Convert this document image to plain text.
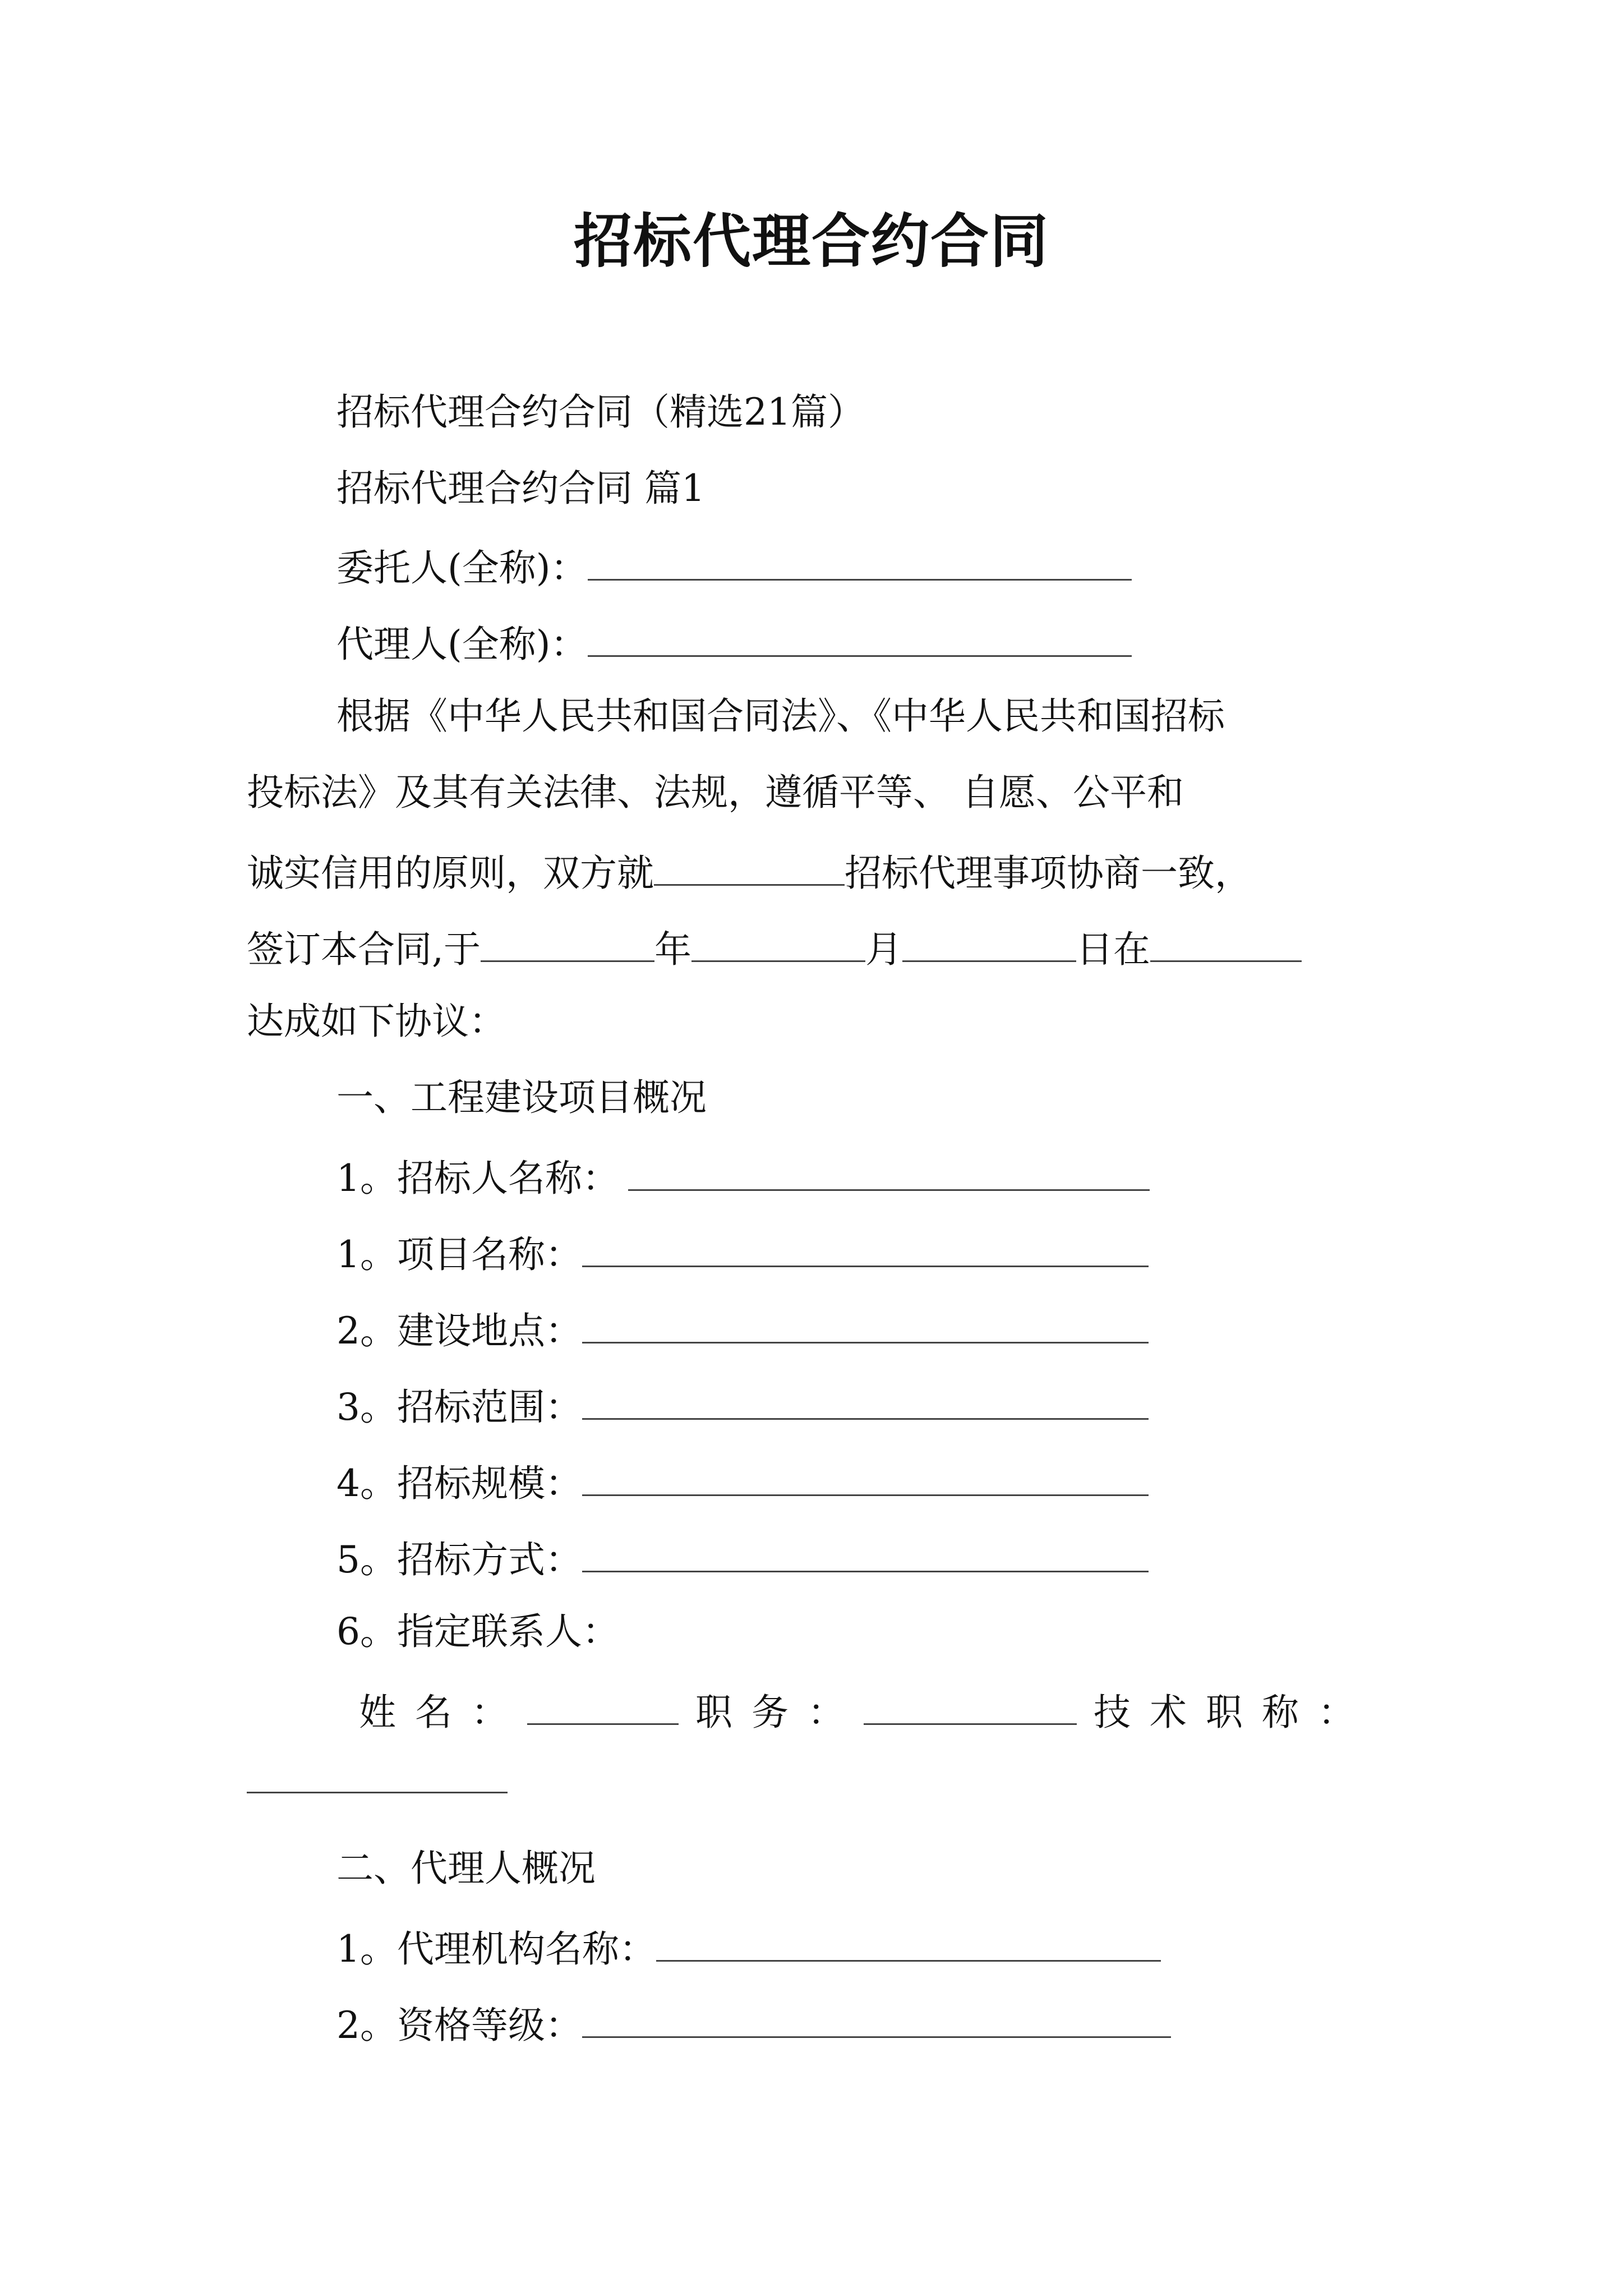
招标代理合约合同
招标代理合约合同（精选21篇）
招标代理合约合同 篇1
委托人(全称)：
代理人(全称)：
根据《中华人民共和国合同法》、《中华人民共和国招标
投标法》及其有关法律、法规，遵循平等、 自愿、公平和
诚实信用的原则，双方就	招标代理事项协商一致，
签订本合同,于	年	月	日在
达成如下协议：
一、工程建设项目概况
1。招标人名称：
1。项目名称：
2。建设地点：
3。招标范围：
4。招标规模：
5。招标方式：
6。指定联系人：
姓名：	职务：	技术职称：
二、代理人概况
1。代理机构名称：
2。资格等级：
